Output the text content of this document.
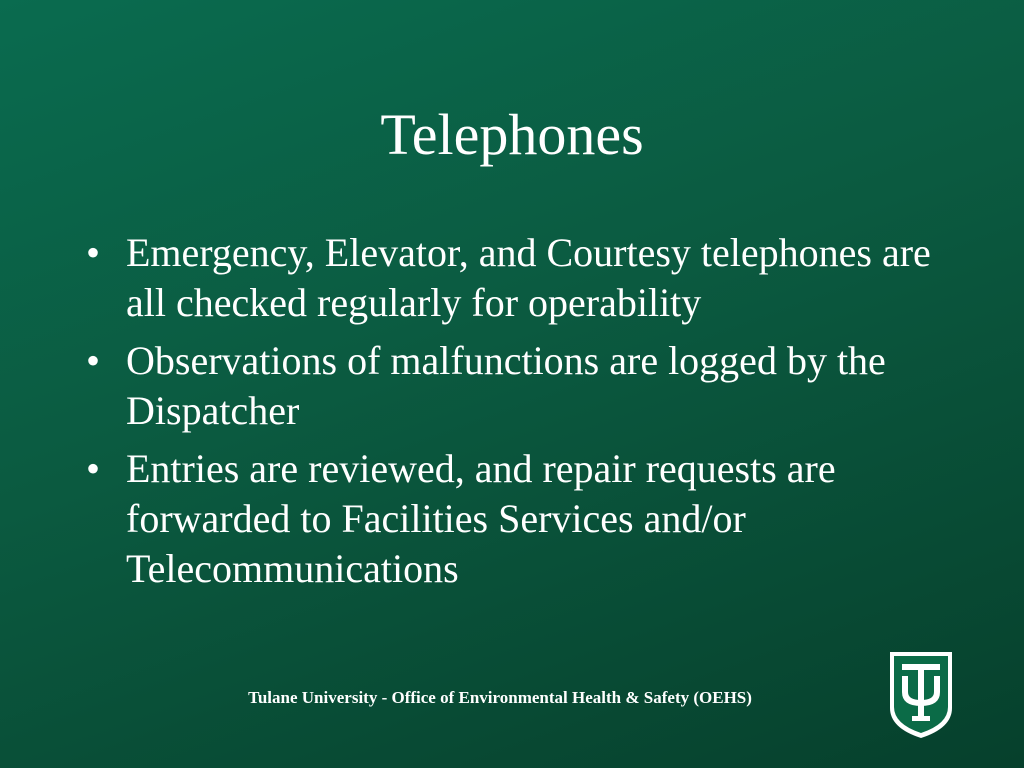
Telephones
• Emergency, Elevator, and Courtesy telephones are all checked regularly for operability
• Observations of malfunctions are logged by the Dispatcher
• Entries are reviewed, and repair requests are forwarded to Facilities Services and/or Telecommunications
Tulane University - Office of Environmental Health & Safety (OEHS)
